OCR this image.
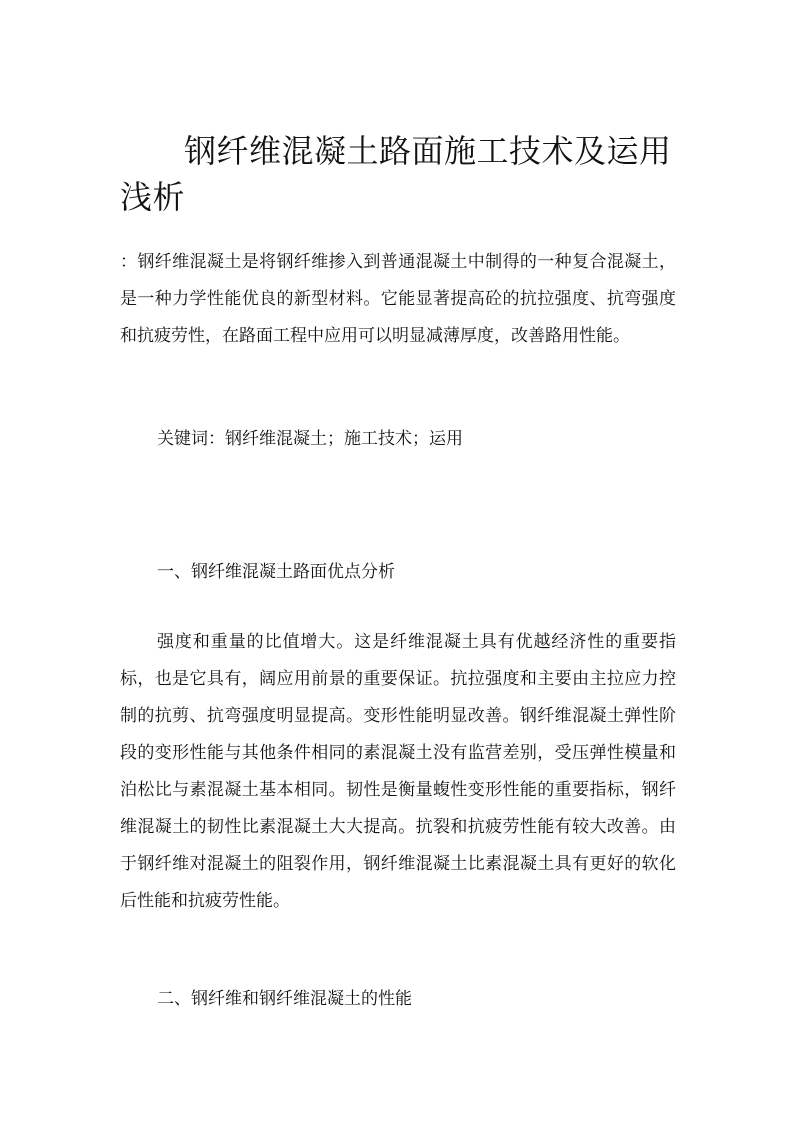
钢纤维混凝土路面施工技术及运用浅析

：钢纤维混凝土是将钢纤维掺入到普通混凝土中制得的一种复合混凝土，是一种力学性能优良的新型材料。它能显著提高砼的抗拉强度、抗弯强度和抗疲劳性，在路面工程中应用可以明显减薄厚度，改善路用性能。

关键词：钢纤维混凝土；施工技术；运用

一、钢纤维混凝土路面优点分析

强度和重量的比值增大。这是纤维混凝土具有优越经济性的重要指标，也是它具有，阔应用前景的重要保证。抗拉强度和主要由主拉应力控制的抗剪、抗弯强度明显提高。变形性能明显改善。钢纤维混凝土弹性阶段的变形性能与其他条件相同的素混凝土没有监营差别，受压弹性模量和泊松比与素混凝土基本相同。韧性是衡量蝮性变形性能的重要指标，钢纤维混凝土的韧性比素混凝土大大提高。抗裂和抗疲劳性能有较大改善。由于钢纤维对混凝土的阻裂作用，钢纤维混凝土比素混凝土具有更好的软化后性能和抗疲劳性能。

二、钢纤维和钢纤维混凝土的性能
